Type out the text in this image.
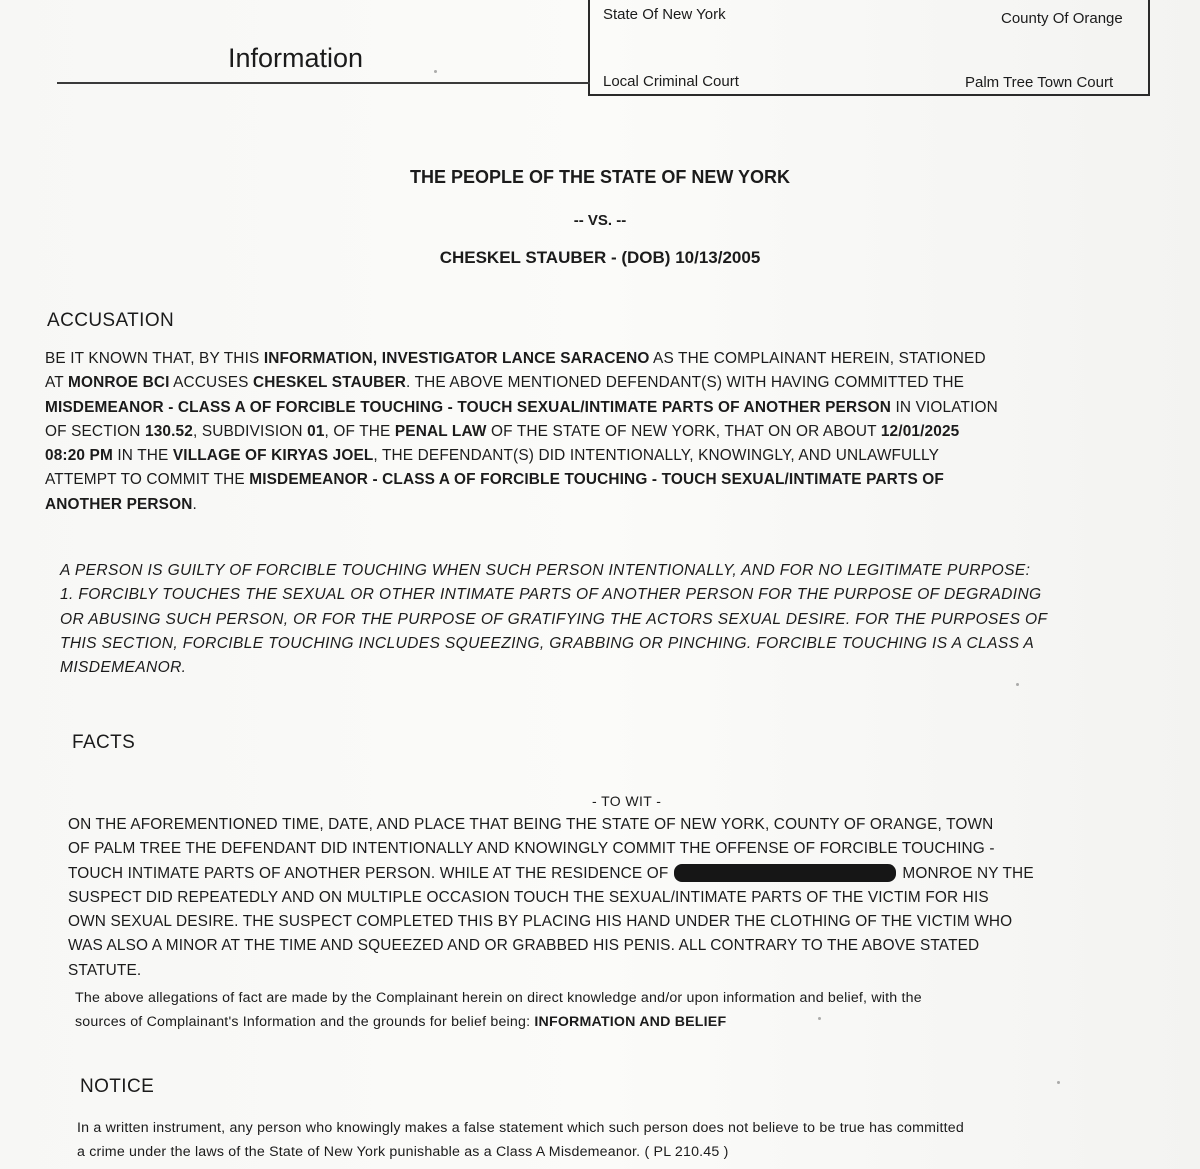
Information
State Of New York	County Of Orange
Local Criminal Court	Palm Tree Town Court
THE PEOPLE OF THE STATE OF NEW YORK
-- VS. --
CHESKEL STAUBER - (DOB) 10/13/2005
ACCUSATION
BE IT KNOWN THAT, BY THIS INFORMATION, INVESTIGATOR LANCE SARACENO AS THE COMPLAINANT HEREIN, STATIONED
AT MONROE BCI ACCUSES CHESKEL STAUBER. THE ABOVE MENTIONED DEFENDANT(S) WITH HAVING COMMITTED THE
MISDEMEANOR - CLASS A OF FORCIBLE TOUCHING - TOUCH SEXUAL/INTIMATE PARTS OF ANOTHER PERSON IN VIOLATION
OF SECTION 130.52, SUBDIVISION 01, OF THE PENAL LAW OF THE STATE OF NEW YORK, THAT ON OR ABOUT 12/01/2025
08:20 PM IN THE VILLAGE OF KIRYAS JOEL, THE DEFENDANT(S) DID INTENTIONALLY, KNOWINGLY, AND UNLAWFULLY
ATTEMPT TO COMMIT THE MISDEMEANOR - CLASS A OF FORCIBLE TOUCHING - TOUCH SEXUAL/INTIMATE PARTS OF
ANOTHER PERSON.
A PERSON IS GUILTY OF FORCIBLE TOUCHING WHEN SUCH PERSON INTENTIONALLY, AND FOR NO LEGITIMATE PURPOSE:
1. FORCIBLY TOUCHES THE SEXUAL OR OTHER INTIMATE PARTS OF ANOTHER PERSON FOR THE PURPOSE OF DEGRADING
OR ABUSING SUCH PERSON, OR FOR THE PURPOSE OF GRATIFYING THE ACTORS SEXUAL DESIRE. FOR THE PURPOSES OF
THIS SECTION, FORCIBLE TOUCHING INCLUDES SQUEEZING, GRABBING OR PINCHING. FORCIBLE TOUCHING IS A CLASS A
MISDEMEANOR.
FACTS
- TO WIT -
ON THE AFOREMENTIONED TIME, DATE, AND PLACE THAT BEING THE STATE OF NEW YORK, COUNTY OF ORANGE, TOWN
OF PALM TREE THE DEFENDANT DID INTENTIONALLY AND KNOWINGLY COMMIT THE OFFENSE OF FORCIBLE TOUCHING -
TOUCH INTIMATE PARTS OF ANOTHER PERSON. WHILE AT THE RESIDENCE OF	MONROE NY THE
SUSPECT DID REPEATEDLY AND ON MULTIPLE OCCASION TOUCH THE SEXUAL/INTIMATE PARTS OF THE VICTIM FOR HIS
OWN SEXUAL DESIRE. THE SUSPECT COMPLETED THIS BY PLACING HIS HAND UNDER THE CLOTHING OF THE VICTIM WHO
WAS ALSO A MINOR AT THE TIME AND SQUEEZED AND OR GRABBED HIS PENIS. ALL CONTRARY TO THE ABOVE STATED
STATUTE.
The above allegations of fact are made by the Complainant herein on direct knowledge and/or upon information and belief, with the
sources of Complainant's Information and the grounds for belief being: INFORMATION AND BELIEF
NOTICE
In a written instrument, any person who knowingly makes a false statement which such person does not believe to be true has committed
a crime under the laws of the State of New York punishable as a Class A Misdemeanor. ( PL 210.45 )
